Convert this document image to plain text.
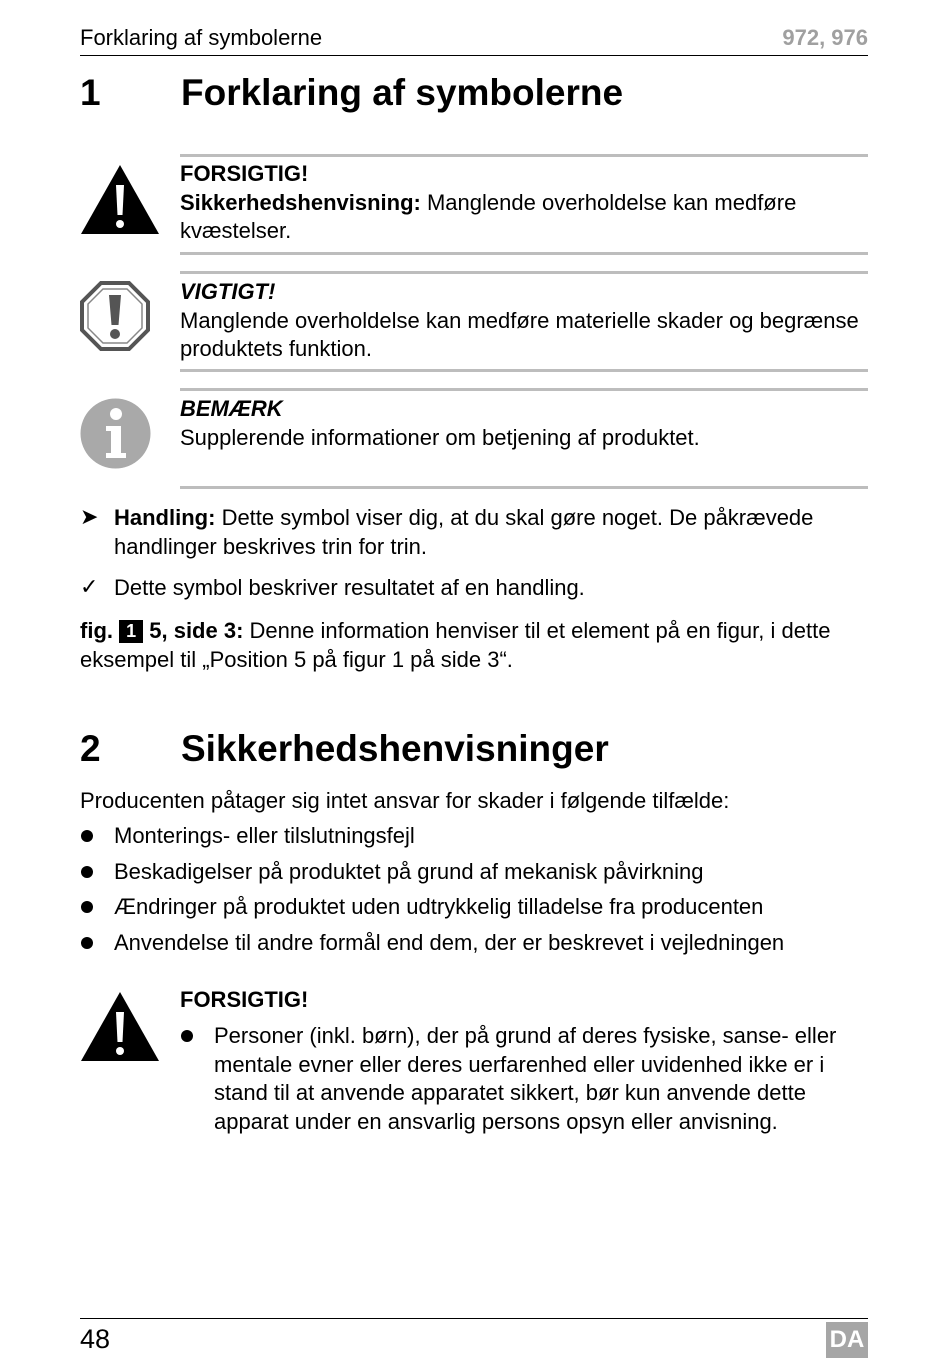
Forklaring af symbolerne	972, 976
1 Forklaring af symbolerne
FORSIGTIG!
Sikkerhedshenvisning: Manglende overholdelse kan medføre kvæstelser.
VIGTIGT!
Manglende overholdelse kan medføre materielle skader og begrænse produktets funktion.
BEMÆRK
Supplerende informationer om betjening af produktet.
➤ Handling: Dette symbol viser dig, at du skal gøre noget. De påkrævede handlinger beskrives trin for trin.
✓ Dette symbol beskriver resultatet af en handling.
fig. 1 5, side 3: Denne information henviser til et element på en figur, i dette eksempel til „Position 5 på figur 1 på side 3“.
2 Sikkerhedshenvisninger
Producenten påtager sig intet ansvar for skader i følgende tilfælde:
Monterings- eller tilslutningsfejl
Beskadigelser på produktet på grund af mekanisk påvirkning
Ændringer på produktet uden udtrykkelig tilladelse fra producenten
Anvendelse til andre formål end dem, der er beskrevet i vejledningen
FORSIGTIG!
Personer (inkl. børn), der på grund af deres fysiske, sanse- eller mentale evner eller deres uerfarenhed eller uvidenhed ikke er i stand til at anvende apparatet sikkert, bør kun anvende dette apparat under en ansvarlig persons opsyn eller anvisning.
48	DA
